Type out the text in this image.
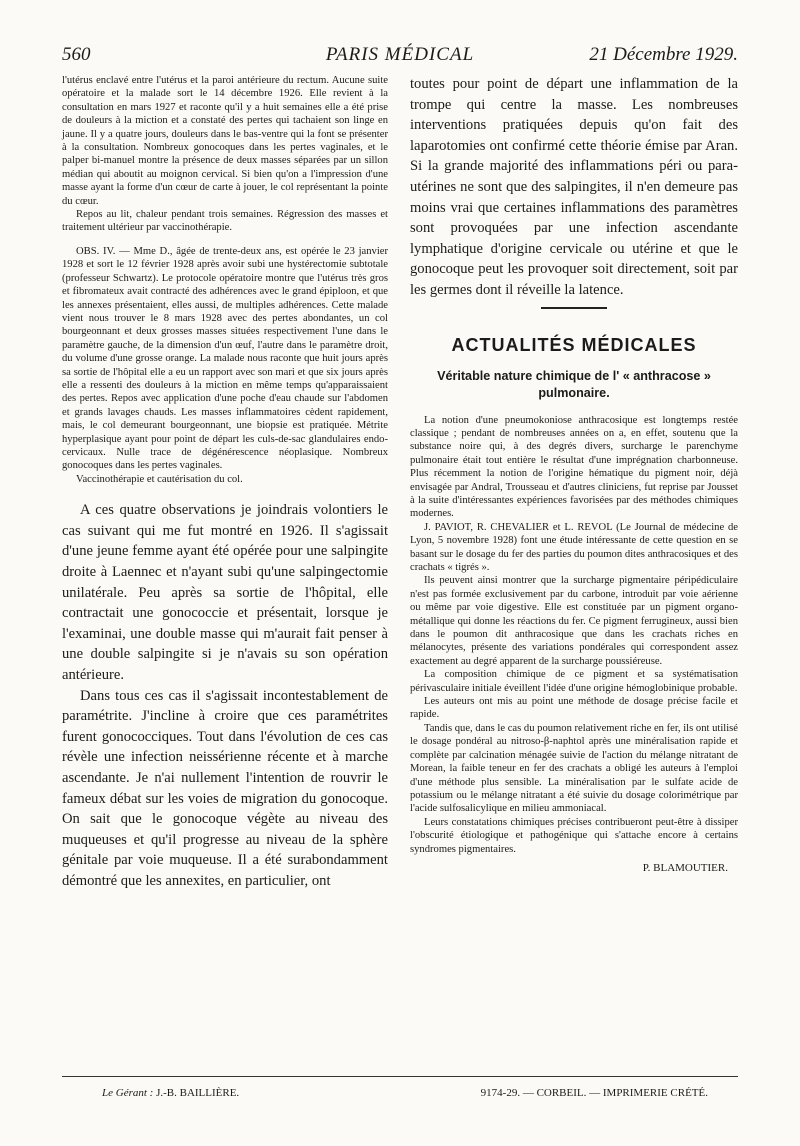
560	PARIS MÉDICAL	21 Décembre 1929.

l'utérus enclavé entre l'utérus et la paroi antérieure du rectum. Aucune suite opératoire et la malade sort le 14 décembre 1926. Elle revient à la consultation en mars 1927 et raconte qu'il y a huit semaines elle a été prise de douleurs à la miction et a constaté des pertes qui tachaient son linge en jaune. Il y a quatre jours, douleurs dans le bas-ventre qui la font se présenter à la consultation. Nombreux gonocoques dans les pertes vaginales, et le palper bi-manuel montre la présence de deux masses séparées par un sillon médian qui aboutit au moignon cervical. Si bien qu'on a l'impression d'une masse ayant la forme d'un cœur de carte à jouer, le col représentant la pointe du cœur.

Repos au lit, chaleur pendant trois semaines. Régression des masses et traitement ultérieur par vaccinothérapie.

OBS. IV. — Mme D., âgée de trente-deux ans, est opérée le 23 janvier 1928 et sort le 12 février 1928 après avoir subi une hystérectomie subtotale (professeur Schwartz). Le protocole opératoire montre que l'utérus très gros et fibromateux avait contracté des adhérences avec le grand épiploon, et que les annexes présentaient, elles aussi, de multiples adhérences. Cette malade vient nous trouver le 8 mars 1928 avec des pertes abondantes, un col bourgeonnant et deux grosses masses situées respectivement l'une dans le paramètre gauche, de la dimension d'un œuf, l'autre dans le paramètre droit, du volume d'une grosse orange. La malade nous raconte que huit jours après sa sortie de l'hôpital elle a eu un rapport avec son mari et que six jours après elle a ressenti des douleurs à la miction en même temps qu'apparaissaient des pertes. Repos avec application d'une poche d'eau chaude sur l'abdomen et grands lavages chauds. Les masses inflammatoires cèdent rapidement, mais, le col demeurant bourgeonnant, une biopsie est pratiquée. Métrite hyperplasique ayant pour point de départ les culs-de-sac glandulaires endo-cervicaux. Nulle trace de dégénérescence néoplasique. Nombreux gonocoques dans les pertes vaginales.

Vaccinothérapie et cautérisation du col.

A ces quatre observations je joindrais volontiers le cas suivant qui me fut montré en 1926. Il s'agissait d'une jeune femme ayant été opérée pour une salpingite droite à Laennec et n'ayant subi qu'une salpingectomie unilatérale. Peu après sa sortie de l'hôpital, elle contractait une gonococcie et présentait, lorsque je l'examinai, une double masse qui m'aurait fait penser à une double salpingite si je n'avais su son opération antérieure.

Dans tous ces cas il s'agissait incontestablement de paramétrite. J'incline à croire que ces paramétrites furent gonococciques. Tout dans l'évolution de ces cas révèle une infection neissérienne récente et à marche ascendante. Je n'ai nullement l'intention de rouvrir le fameux débat sur les voies de migration du gonocoque. On sait que le gonocoque végète au niveau des muqueuses et qu'il progresse au niveau de la sphère génitale par voie muqueuse. Il a été surabondamment démontré que les annexites, en particulier, ont

toutes pour point de départ une inflammation de la trompe qui centre la masse. Les nombreuses interventions pratiquées depuis qu'on fait des laparotomies ont confirmé cette théorie émise par Aran. Si la grande majorité des inflammations péri ou para-utérines ne sont que des salpingites, il n'en demeure pas moins vrai que certaines inflammations des paramètres sont provoquées par une infection ascendante lymphatique d'origine cervicale ou utérine et que le gonocoque peut les provoquer soit directement, soit par les germes dont il réveille la latence.

ACTUALITÉS MÉDICALES
Véritable nature chimique de l' « anthracose » pulmonaire.

La notion d'une pneumokoniose anthracosique est longtemps restée classique ; pendant de nombreuses années on a, en effet, soutenu que la substance noire qui, à des degrés divers, surcharge le parenchyme pulmonaire était tout entière le résultat d'une imprégnation charbonneuse. Plus récemment la notion de l'origine hématique du pigment noir, déjà envisagée par Andral, Trousseau et d'autres cliniciens, fut reprise par Jousset à la suite d'intéressantes expériences favorisées par des méthodes chimiques modernes.

J. PAVIOT, R. CHEVALIER et L. REVOL (Le Journal de médecine de Lyon, 5 novembre 1928) font une étude intéressante de cette question en se basant sur le dosage du fer des parties du poumon dites anthracosiques et des crachats « tigrés ».

Ils peuvent ainsi montrer que la surcharge pigmentaire péripédiculaire n'est pas formée exclusivement par du carbone, introduit par voie aérienne ou même par voie digestive. Elle est constituée par un pigment organo-métallique qui donne les réactions du fer. Ce pigment ferrugineux, aussi bien dans le poumon dit anthracosique que dans les crachats riches en mélanocytes, présente des variations pondérales qui correspondent assez exactement au degré apparent de la surcharge poussiéreuse.

La composition chimique de ce pigment et sa systématisation périvasculaire initiale éveillent l'idée d'une origine hémoglobinique probable.

Les auteurs ont mis au point une méthode de dosage précise facile et rapide.

Tandis que, dans le cas du poumon relativement riche en fer, ils ont utilisé le dosage pondéral au nitroso-β-naphtol après une minéralisation rapide et complète par calcination ménagée suivie de l'action du mélange nitratant de Morean, la faible teneur en fer des crachats a obligé les auteurs à l'emploi d'une méthode plus sensible. La minéralisation par le sulfate acide de potassium ou le mélange nitratant a été suivie du dosage colorimétrique par l'acide sulfosalicylique en milieu ammoniacal.

Leurs constatations chimiques précises contribueront peut-être à dissiper l'obscurité étiologique et pathogénique qui s'attache encore à certains syndromes pigmentaires.

P. BLAMOUTIER.
Le Gérant : J.-B. BAILLIÈRE.	9174-29. — CORBEIL. — IMPRIMERIE CRÉTÉ.
